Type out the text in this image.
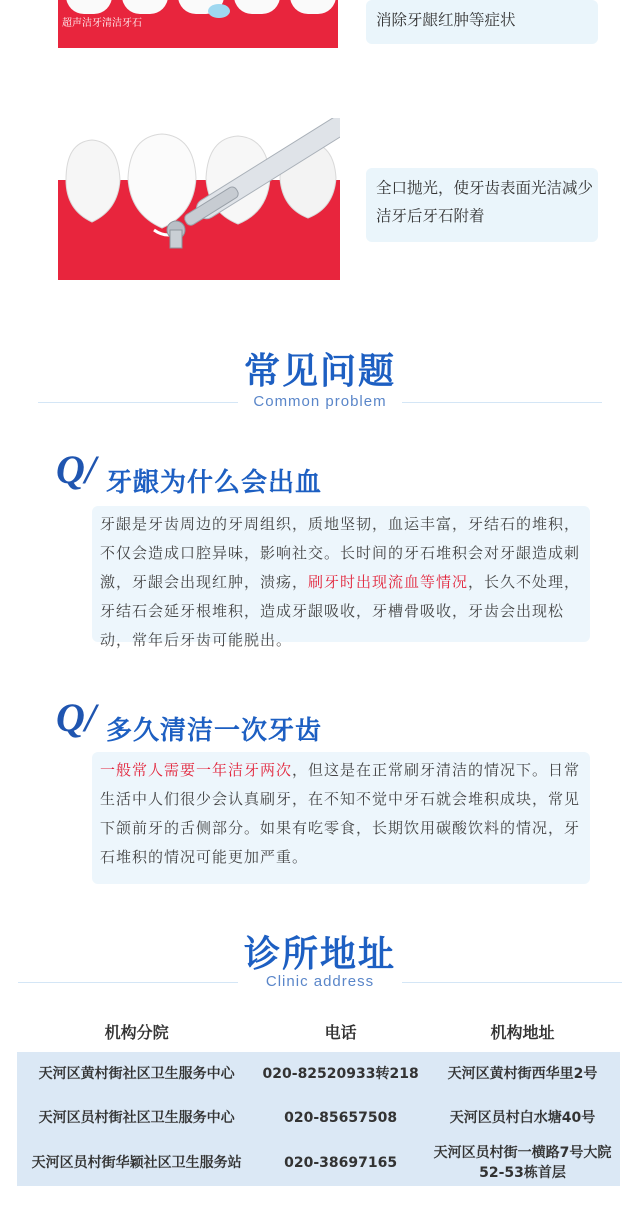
超声洁牙清洁牙石	消除牙龈红肿等症状
全口抛光，使牙齿表面光洁减少洁牙后牙石附着
常见问题
Common problem
Q/ 牙龈为什么会出血
牙龈是牙齿周边的牙周组织，质地坚韧，血运丰富，牙结石的堆积，不仅会造成口腔异味，影响社交。长时间的牙石堆积会对牙龈造成刺激，牙龈会出现红肿，溃疡，刷牙时出现流血等情况，长久不处理，牙结石会延牙根堆积，造成牙龈吸收，牙槽骨吸收，牙齿会出现松动，常年后牙齿可能脱出。
Q/ 多久清洁一次牙齿
一般常人需要一年洁牙两次，但这是在正常刷牙清洁的情况下。日常生活中人们很少会认真刷牙，在不知不觉中牙石就会堆积成块，常见下颌前牙的舌侧部分。如果有吃零食，长期饮用碳酸饮料的情况，牙石堆积的情况可能更加严重。
诊所地址
Clinic address
机构分院	电话	机构地址
天河区黄村街社区卫生服务中心	020-82520933转218	天河区黄村街西华里2号
天河区员村街社区卫生服务中心	020-85657508	天河区员村白水塘40号
天河区员村街华颖社区卫生服务站	020-38697165	天河区员村街一横路7号大院52-53栋首层
